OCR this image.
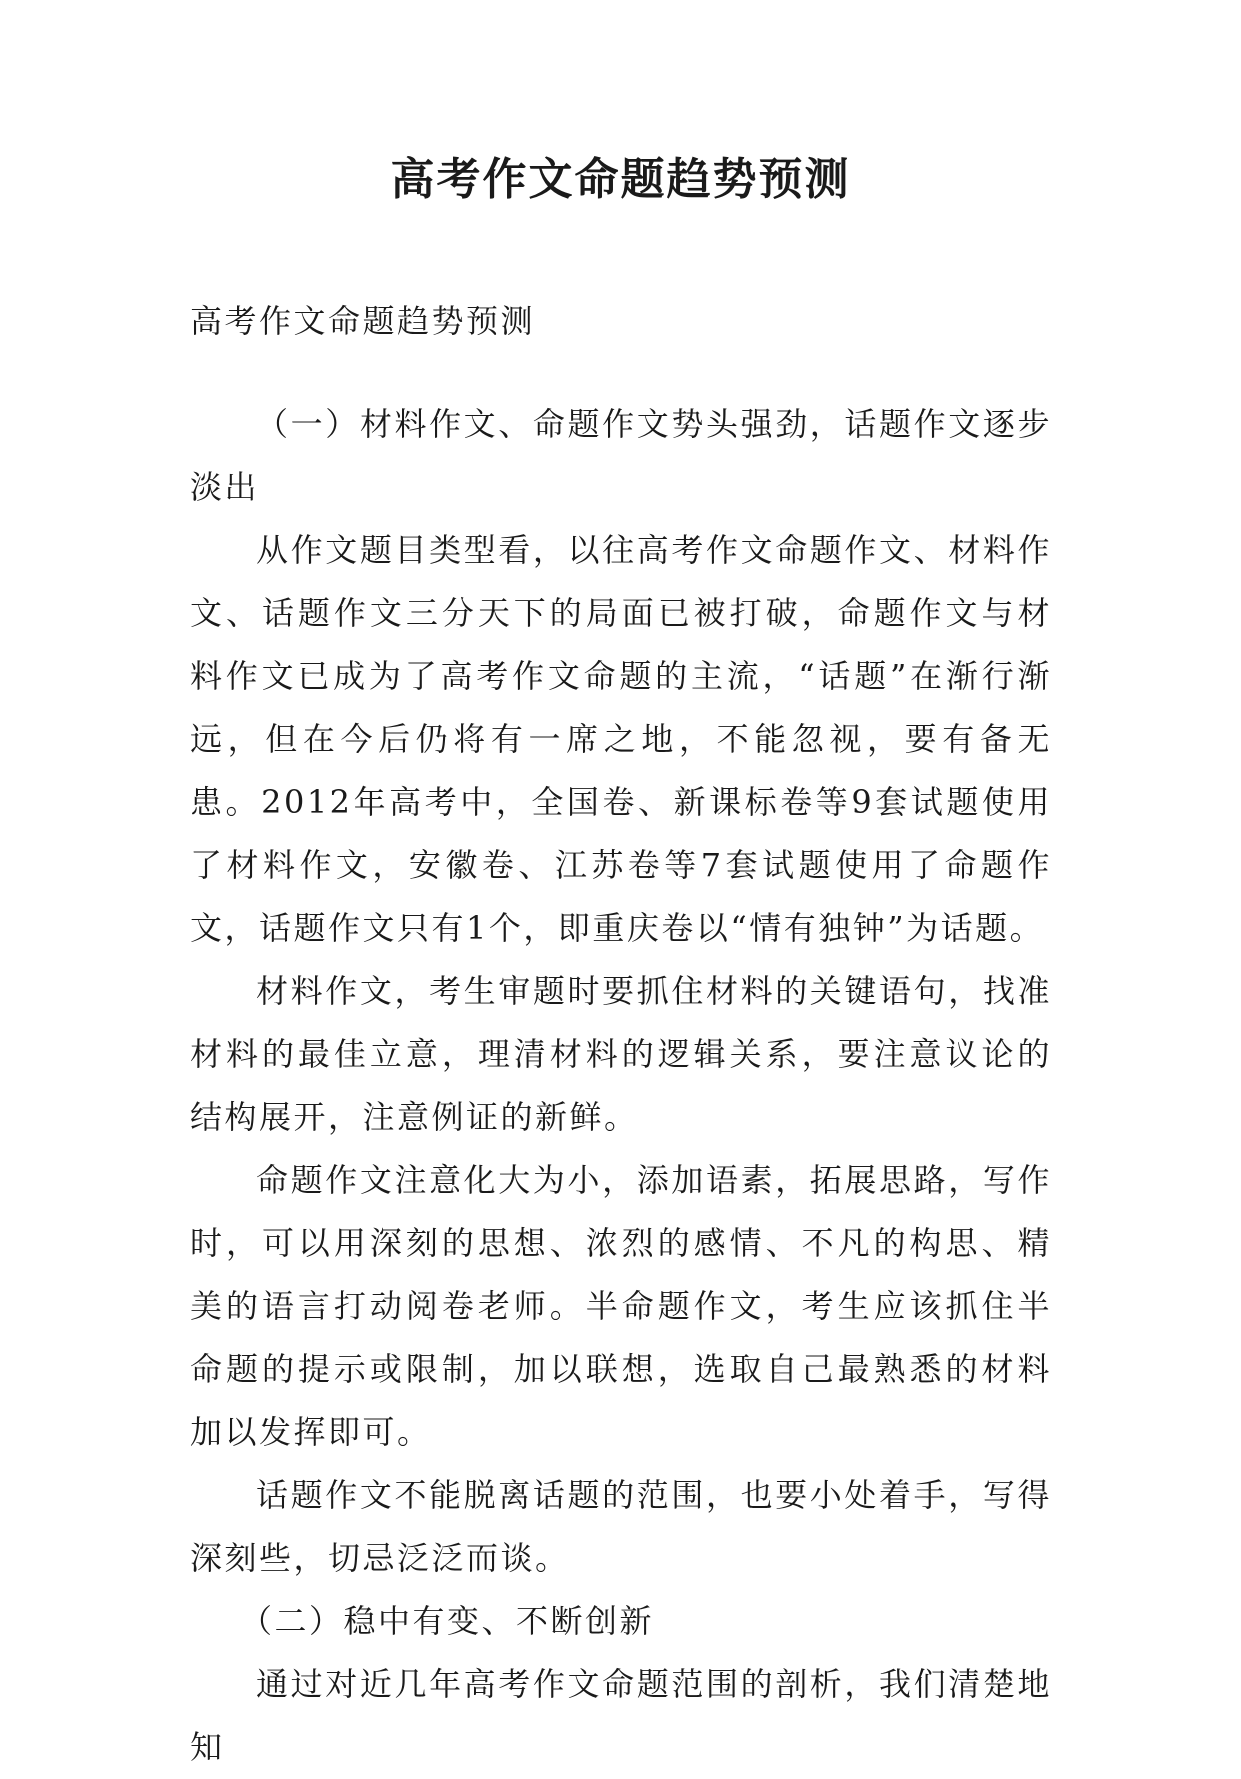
高考作文命题趋势预测

高考作文命题趋势预测

（一）材料作文、命题作文势头强劲，话题作文逐步淡出

从作文题目类型看，以往高考作文命题作文、材料作文、话题作文三分天下的局面已被打破，命题作文与材料作文已成为了高考作文命题的主流，“话题”在渐行渐远，但在今后仍将有一席之地，不能忽视，要有备无患。2012年高考中，全国卷、新课标卷等9套试题使用了材料作文，安徽卷、江苏卷等7套试题使用了命题作文，话题作文只有1个，即重庆卷以“情有独钟”为话题。

材料作文，考生审题时要抓住材料的关键语句，找准材料的最佳立意，理清材料的逻辑关系，要注意议论的结构展开，注意例证的新鲜。

命题作文注意化大为小，添加语素，拓展思路，写作时，可以用深刻的思想、浓烈的感情、不凡的构思、精美的语言打动阅卷老师。半命题作文，考生应该抓住半命题的提示或限制，加以联想，选取自己最熟悉的材料加以发挥即可。

话题作文不能脱离话题的范围，也要小处着手，写得深刻些，切忌泛泛而谈。

（二）稳中有变、不断创新

通过对近几年高考作文命题范围的剖析，我们清楚地知
